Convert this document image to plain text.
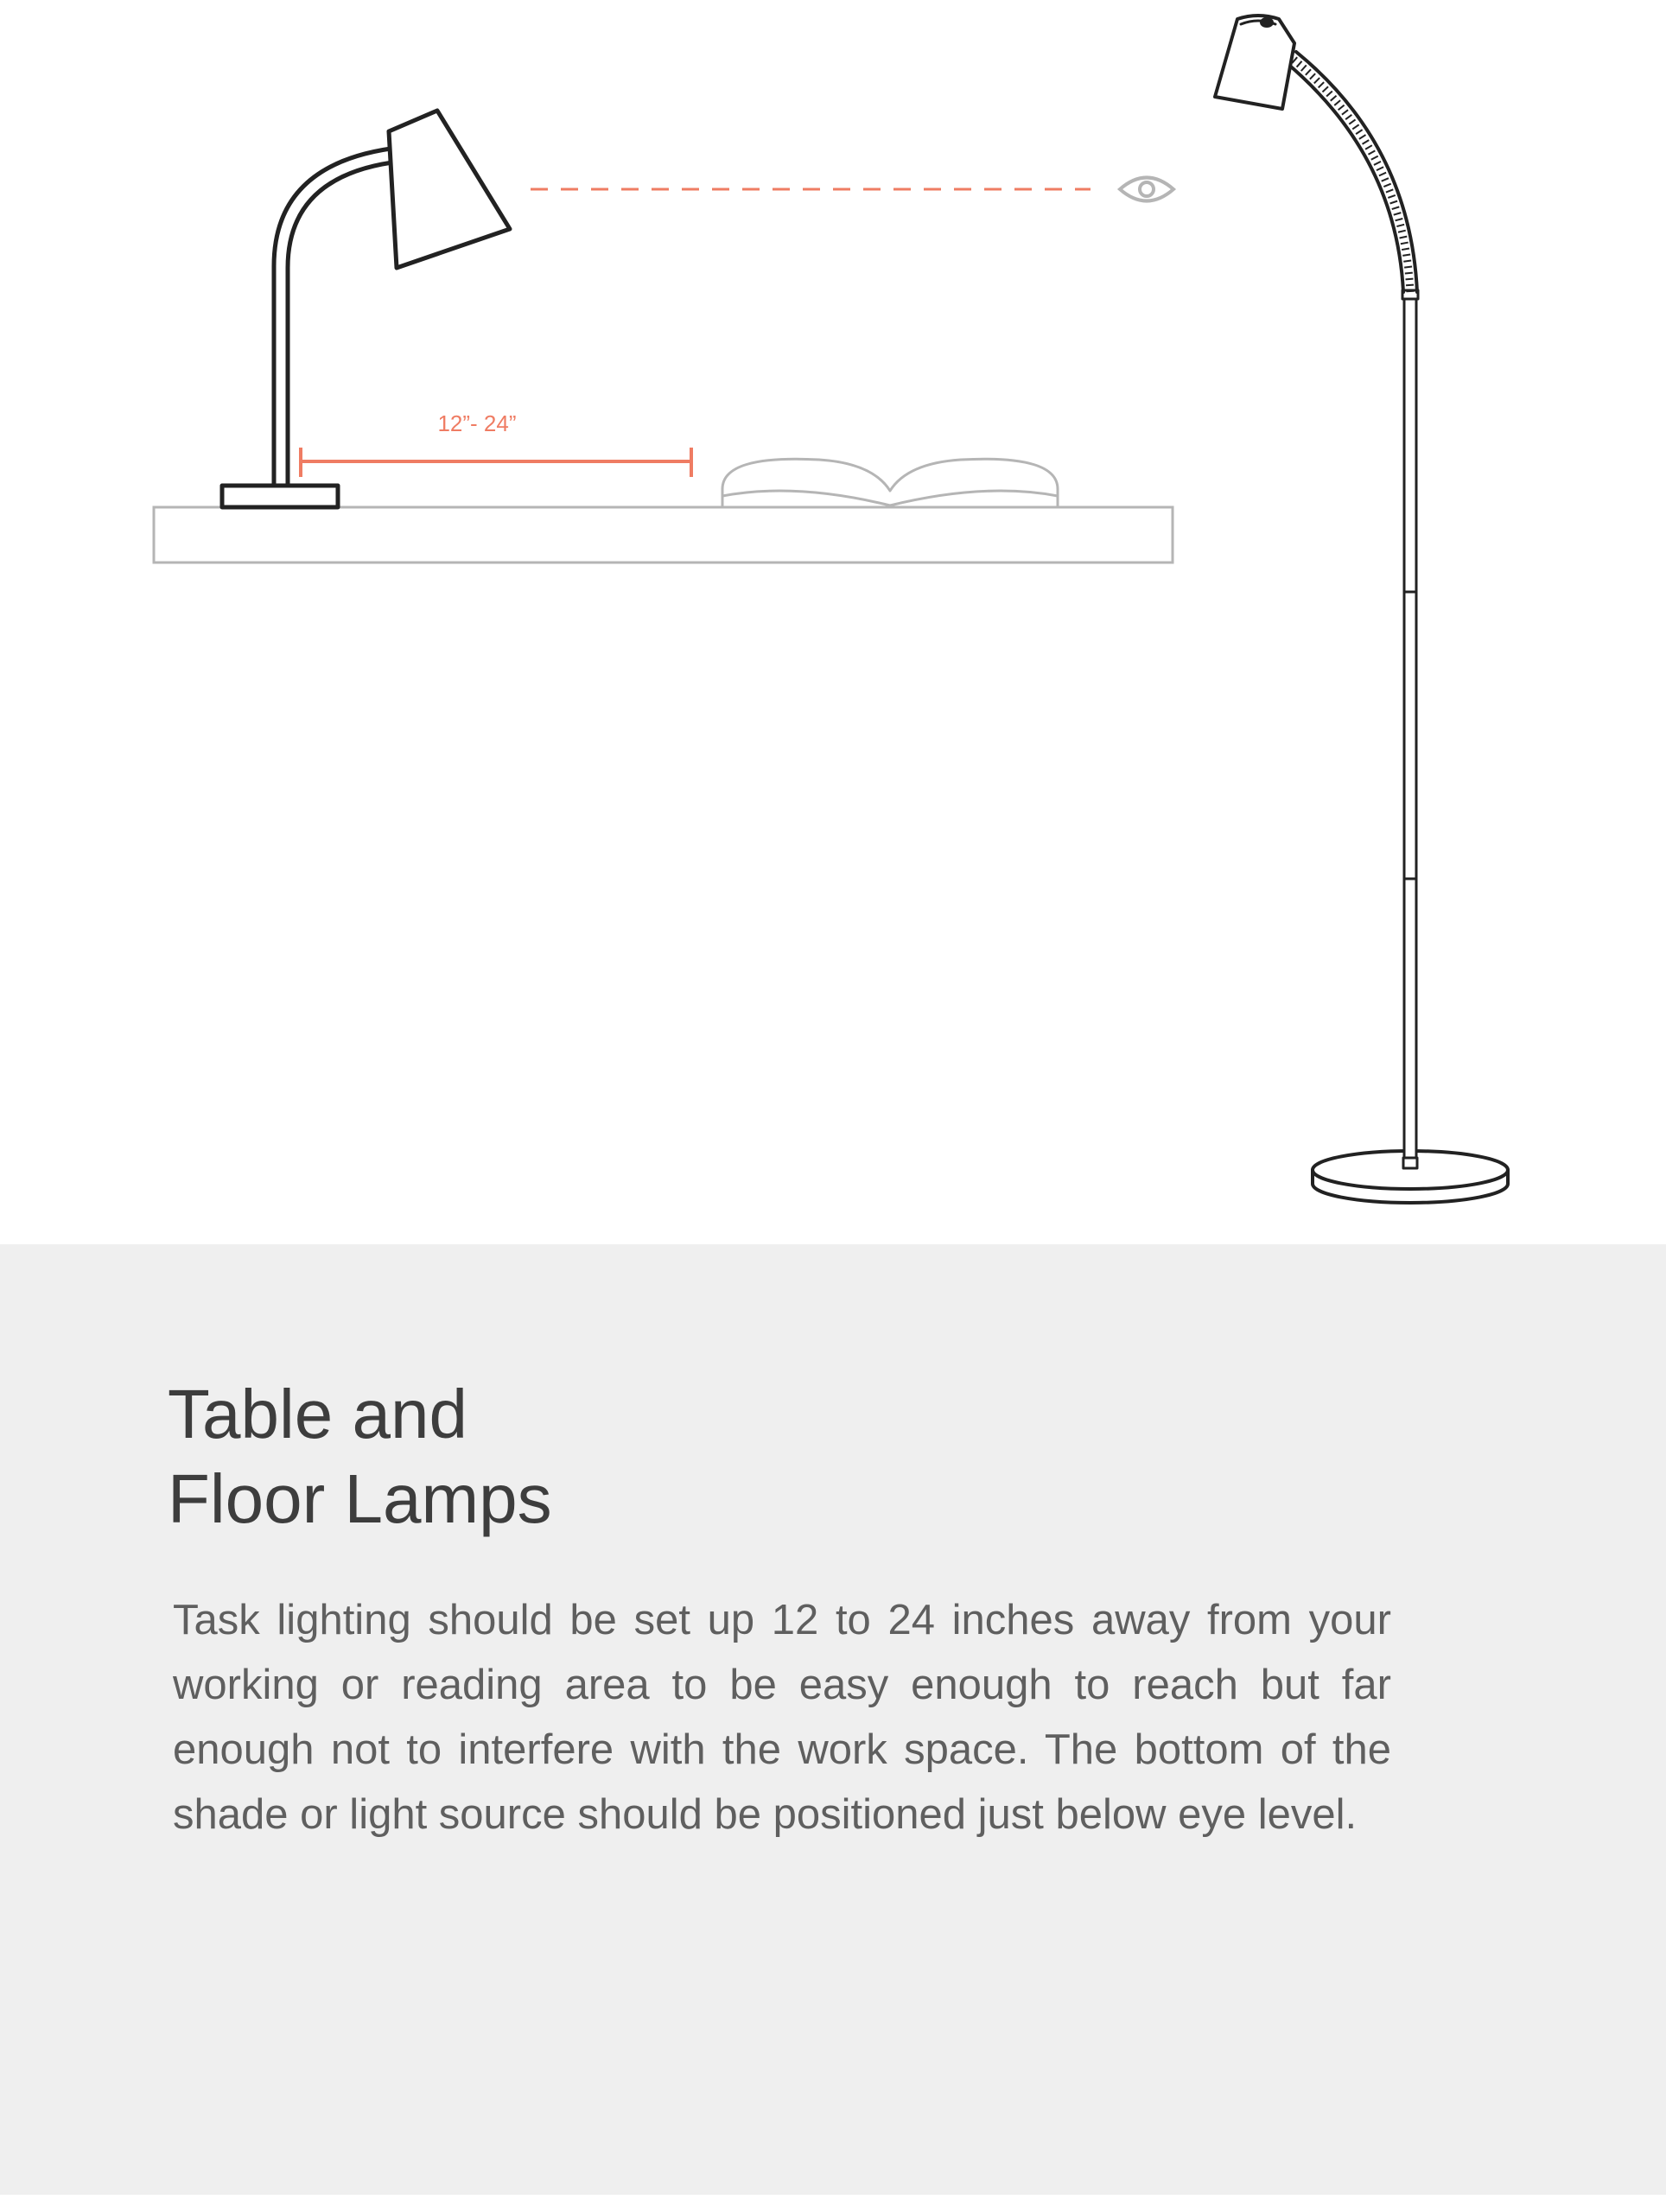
12”- 24”
Table and
Floor Lamps

Task lighting should be set up 12 to 24 inches away from your working or reading area to be easy enough to reach but far enough not to interfere with the work space. The bottom of the shade or light source should be positioned just below eye level.
